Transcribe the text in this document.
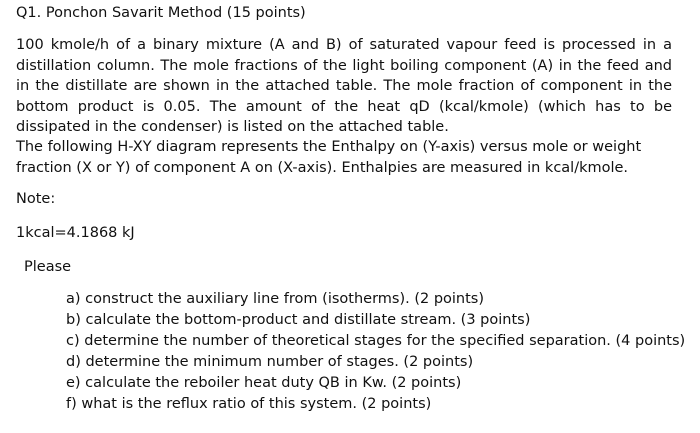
Q1. Ponchon Savarit Method (15 points)

100 kmole/h of a binary mixture (A and B) of saturated vapour feed is processed in a distillation column. The mole fractions of the light boiling component (A) in the feed and in the distillate are shown in the attached table. The mole fraction of component in the bottom product is 0.05. The amount of the heat qD (kcal/kmole) (which has to be dissipated in the condenser) is listed on the attached table.

The following H-XY diagram represents the Enthalpy on (Y-axis) versus mole or weight fraction (X or Y) of component A on (X-axis). Enthalpies are measured in kcal/kmole.

Note:
1kcal=4.1868 kJ
Please
a) construct the auxiliary line from (isotherms). (2 points)
b) calculate the bottom-product and distillate stream. (3 points)
c) determine the number of theoretical stages for the specified separation. (4 points)
d) determine the minimum number of stages. (2 points)
e) calculate the reboiler heat duty QB in Kw. (2 points)
f) what is the reflux ratio of this system. (2 points)
